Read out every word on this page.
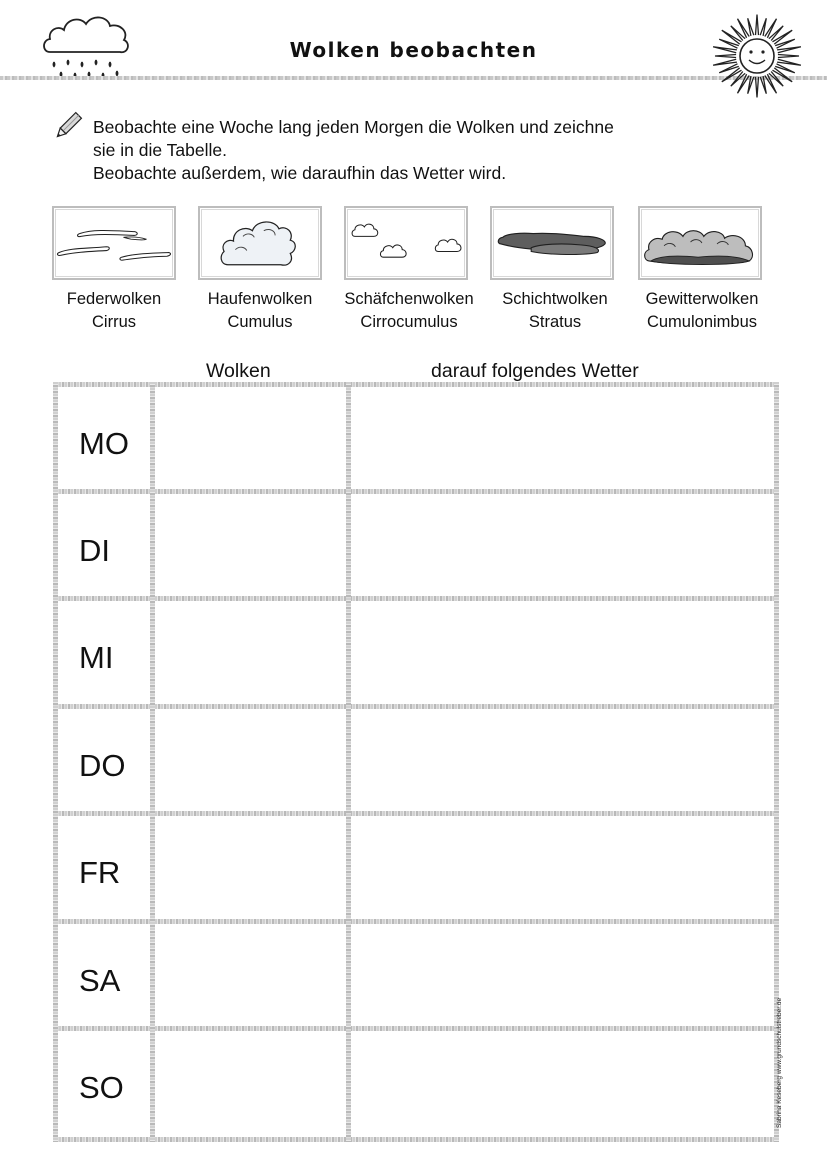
Wolken beobachten
Beobachte eine Woche lang jeden Morgen die Wolken und zeichne
sie in die Tabelle.
Beobachte außerdem, wie daraufhin das Wetter wird.
Federwolken
Cirrus
Haufenwolken
Cumulus
Schäfchenwolken
Cirrocumulus
Schichtwolken
Stratus
Gewitterwolken
Cumulonimbus
Wolken	darauf folgendes Wetter
MO
DI
MI
DO
FR
SA
SO	Sabrina Keseberg www.grundschulstreber.de
